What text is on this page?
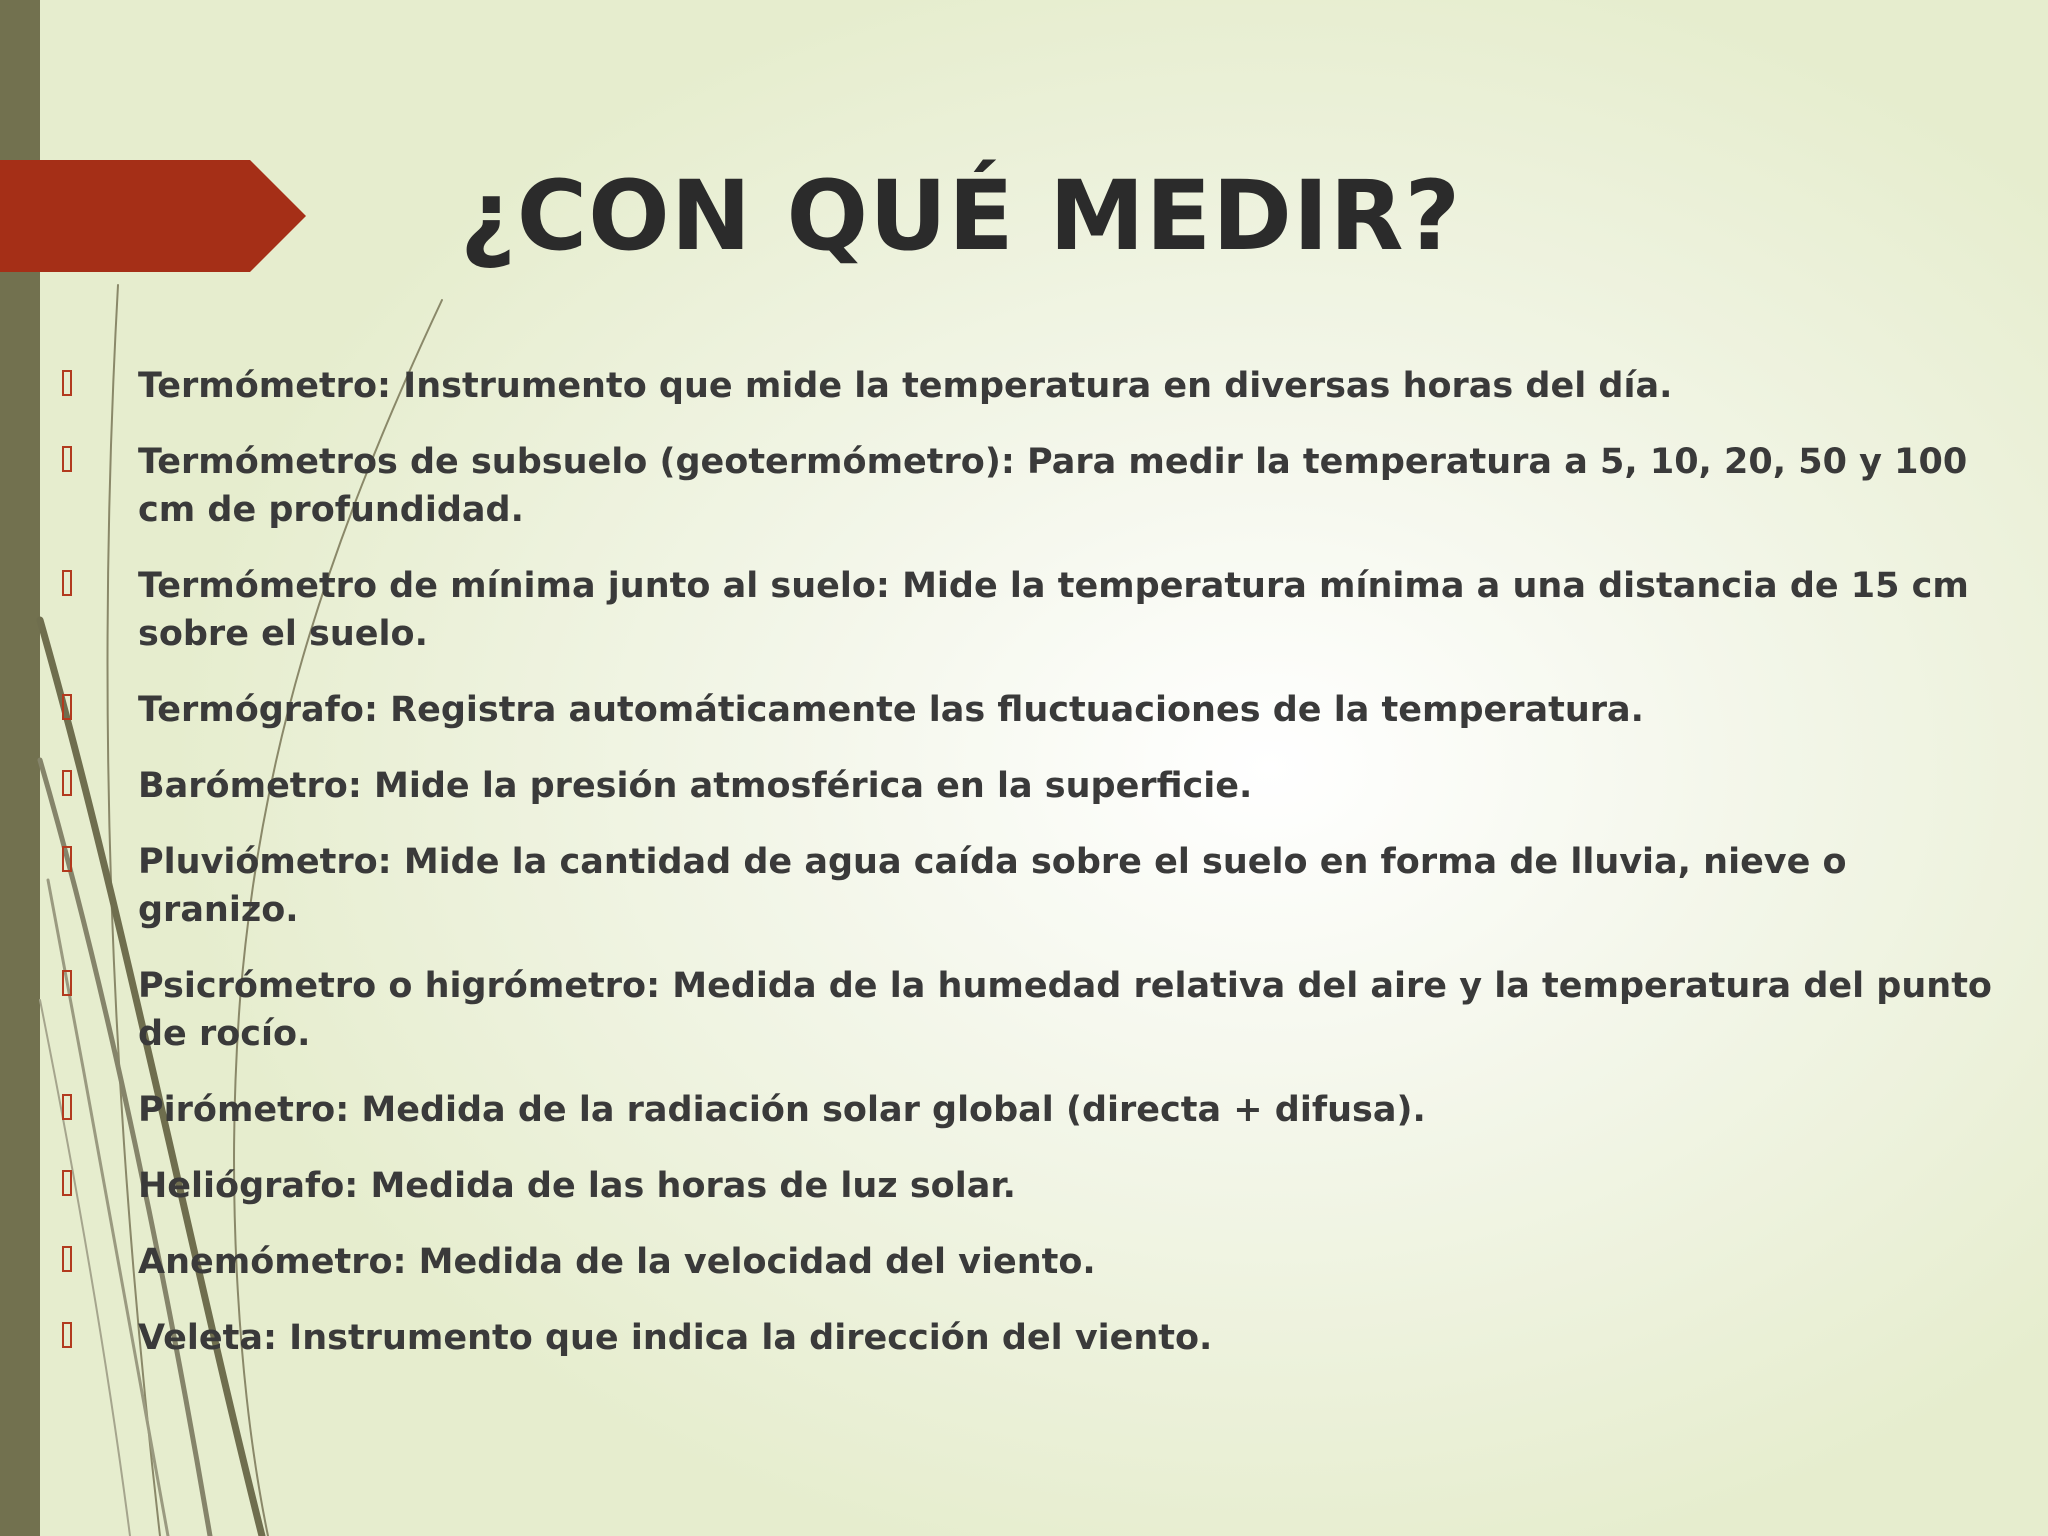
¿CON QUÉ MEDIR?
Termómetro: Instrumento que mide la temperatura en diversas horas del día.
Termómetros de subsuelo (geotermómetro): Para medir la temperatura a 5, 10, 20, 50 y 100 cm de profundidad.
Termómetro de mínima junto al suelo: Mide la temperatura mínima a una distancia de 15 cm sobre el suelo.
Termógrafo: Registra automáticamente las fluctuaciones de la temperatura.
Barómetro: Mide la presión atmosférica en la superficie.
Pluviómetro: Mide la cantidad de agua caída sobre el suelo en forma de lluvia, nieve o granizo.
Psicrómetro o higrómetro: Medida de la humedad relativa del aire y la temperatura del punto de rocío.
Pirómetro: Medida de la radiación solar global (directa + difusa).
Heliógrafo: Medida de las horas de luz solar.
Anemómetro: Medida de la velocidad del viento.
Veleta: Instrumento que indica la dirección del viento.
